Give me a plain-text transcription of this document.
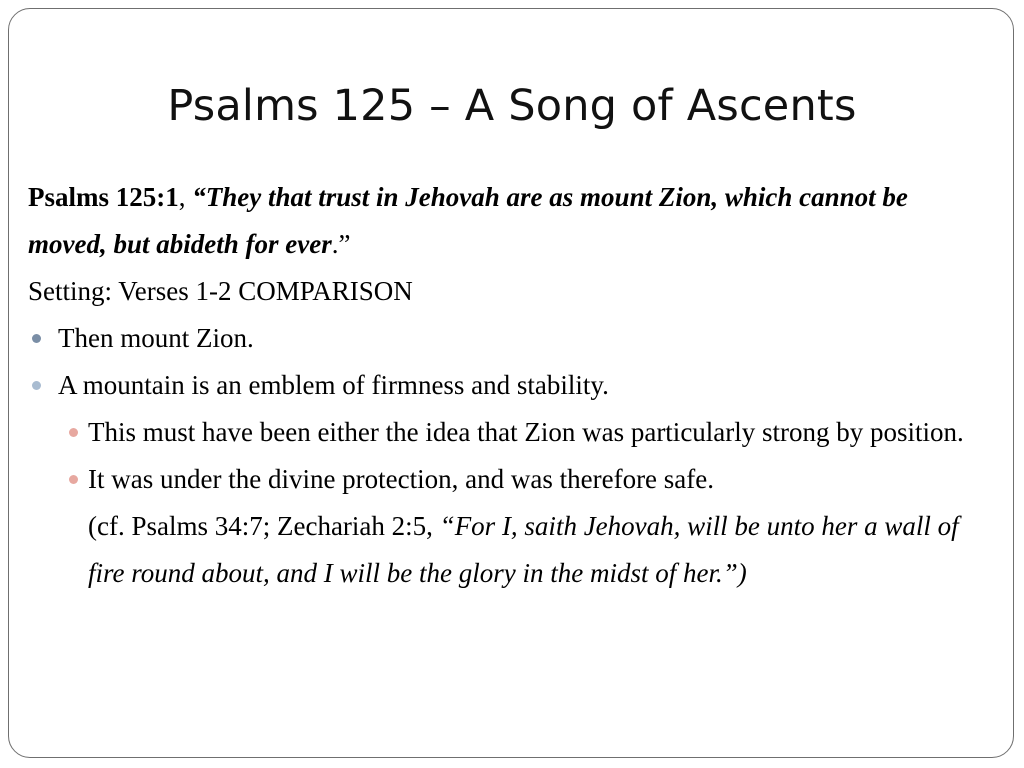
Psalms 125 – A Song of Ascents
Psalms 125:1, “They that trust in Jehovah are as mount Zion, which cannot be moved, but abideth for ever.”
Setting: Verses 1-2 COMPARISON
Then mount Zion.
A mountain is an emblem of firmness and stability.
This must have been either the idea that Zion was particularly strong by position.
It was under the divine protection, and was therefore safe.
(cf. Psalms 34:7; Zechariah 2:5, “For I, saith Jehovah, will be unto her a wall of fire round about, and I will be the glory in the midst of her.”)
